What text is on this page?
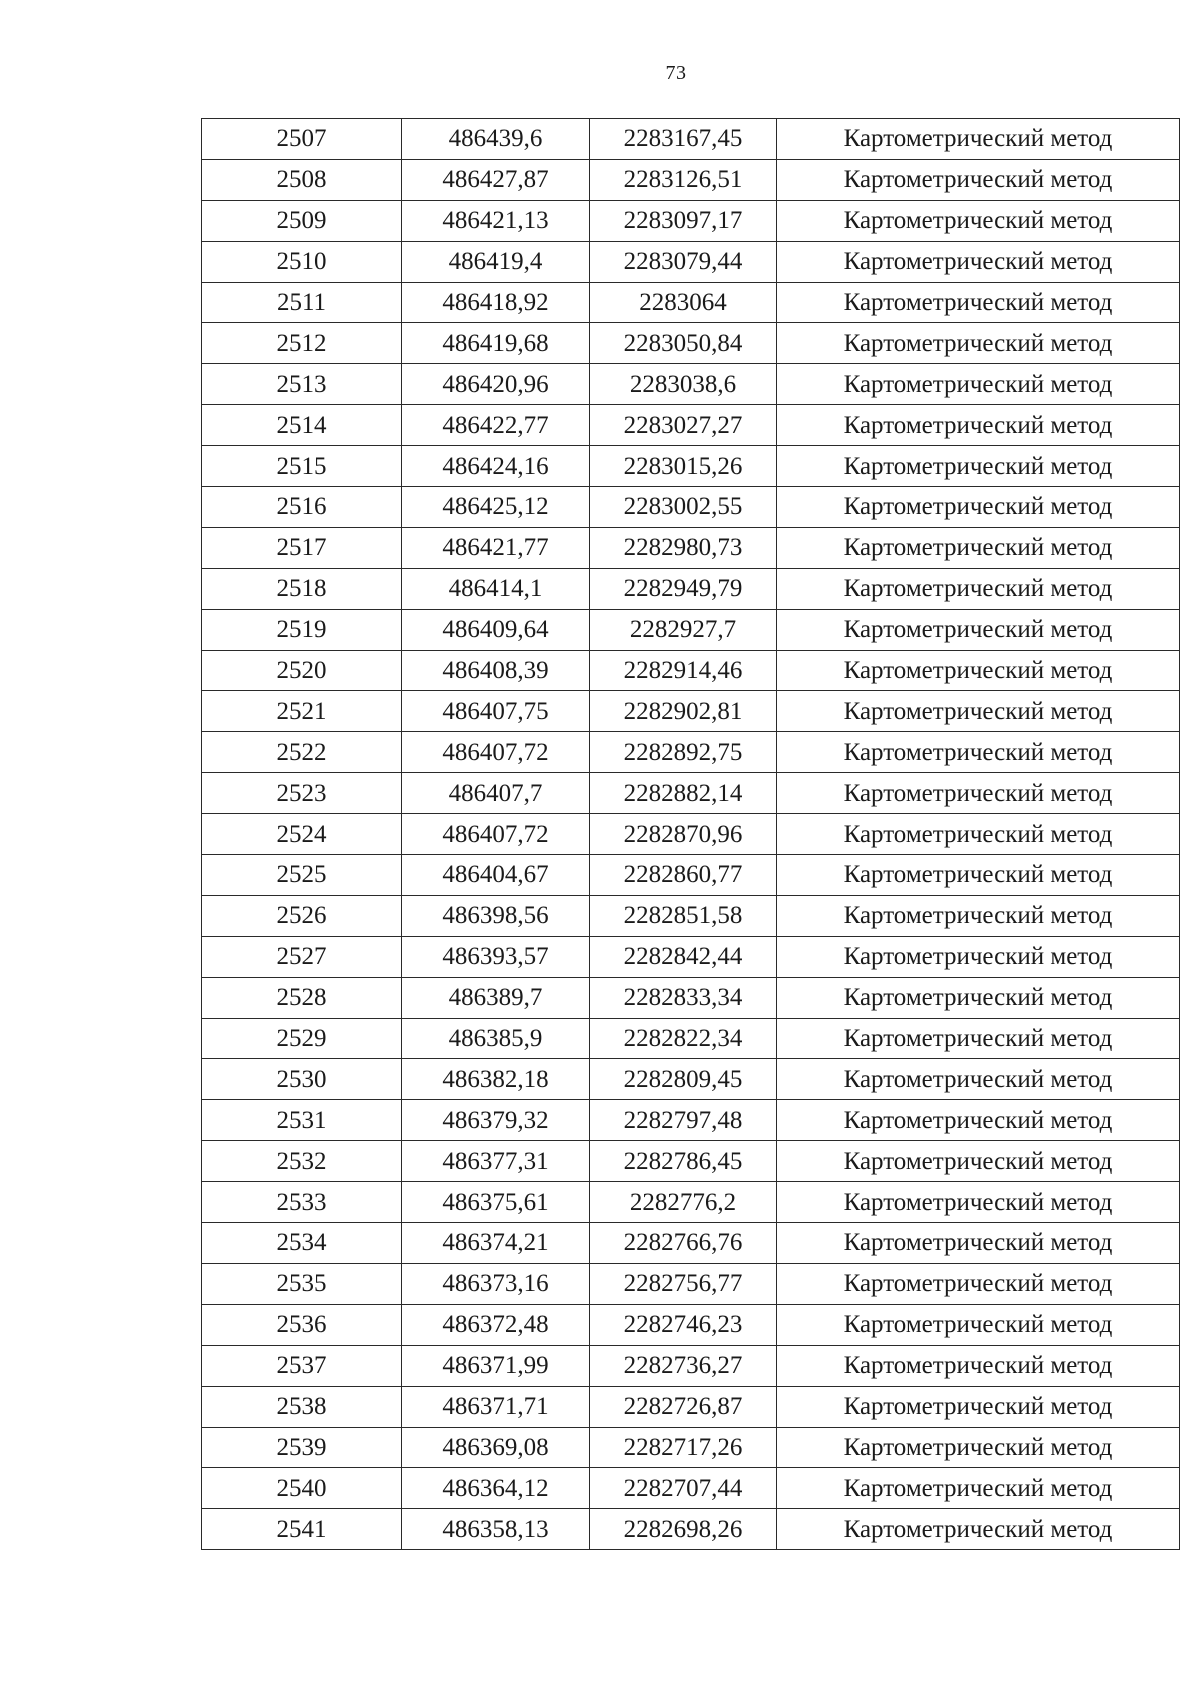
73
2507	486439,6	2283167,45	Картометрический метод
2508	486427,87	2283126,51	Картометрический метод
2509	486421,13	2283097,17	Картометрический метод
2510	486419,4	2283079,44	Картометрический метод
2511	486418,92	2283064	Картометрический метод
2512	486419,68	2283050,84	Картометрический метод
2513	486420,96	2283038,6	Картометрический метод
2514	486422,77	2283027,27	Картометрический метод
2515	486424,16	2283015,26	Картометрический метод
2516	486425,12	2283002,55	Картометрический метод
2517	486421,77	2282980,73	Картометрический метод
2518	486414,1	2282949,79	Картометрический метод
2519	486409,64	2282927,7	Картометрический метод
2520	486408,39	2282914,46	Картометрический метод
2521	486407,75	2282902,81	Картометрический метод
2522	486407,72	2282892,75	Картометрический метод
2523	486407,7	2282882,14	Картометрический метод
2524	486407,72	2282870,96	Картометрический метод
2525	486404,67	2282860,77	Картометрический метод
2526	486398,56	2282851,58	Картометрический метод
2527	486393,57	2282842,44	Картометрический метод
2528	486389,7	2282833,34	Картометрический метод
2529	486385,9	2282822,34	Картометрический метод
2530	486382,18	2282809,45	Картометрический метод
2531	486379,32	2282797,48	Картометрический метод
2532	486377,31	2282786,45	Картометрический метод
2533	486375,61	2282776,2	Картометрический метод
2534	486374,21	2282766,76	Картометрический метод
2535	486373,16	2282756,77	Картометрический метод
2536	486372,48	2282746,23	Картометрический метод
2537	486371,99	2282736,27	Картометрический метод
2538	486371,71	2282726,87	Картометрический метод
2539	486369,08	2282717,26	Картометрический метод
2540	486364,12	2282707,44	Картометрический метод
2541	486358,13	2282698,26	Картометрический метод
